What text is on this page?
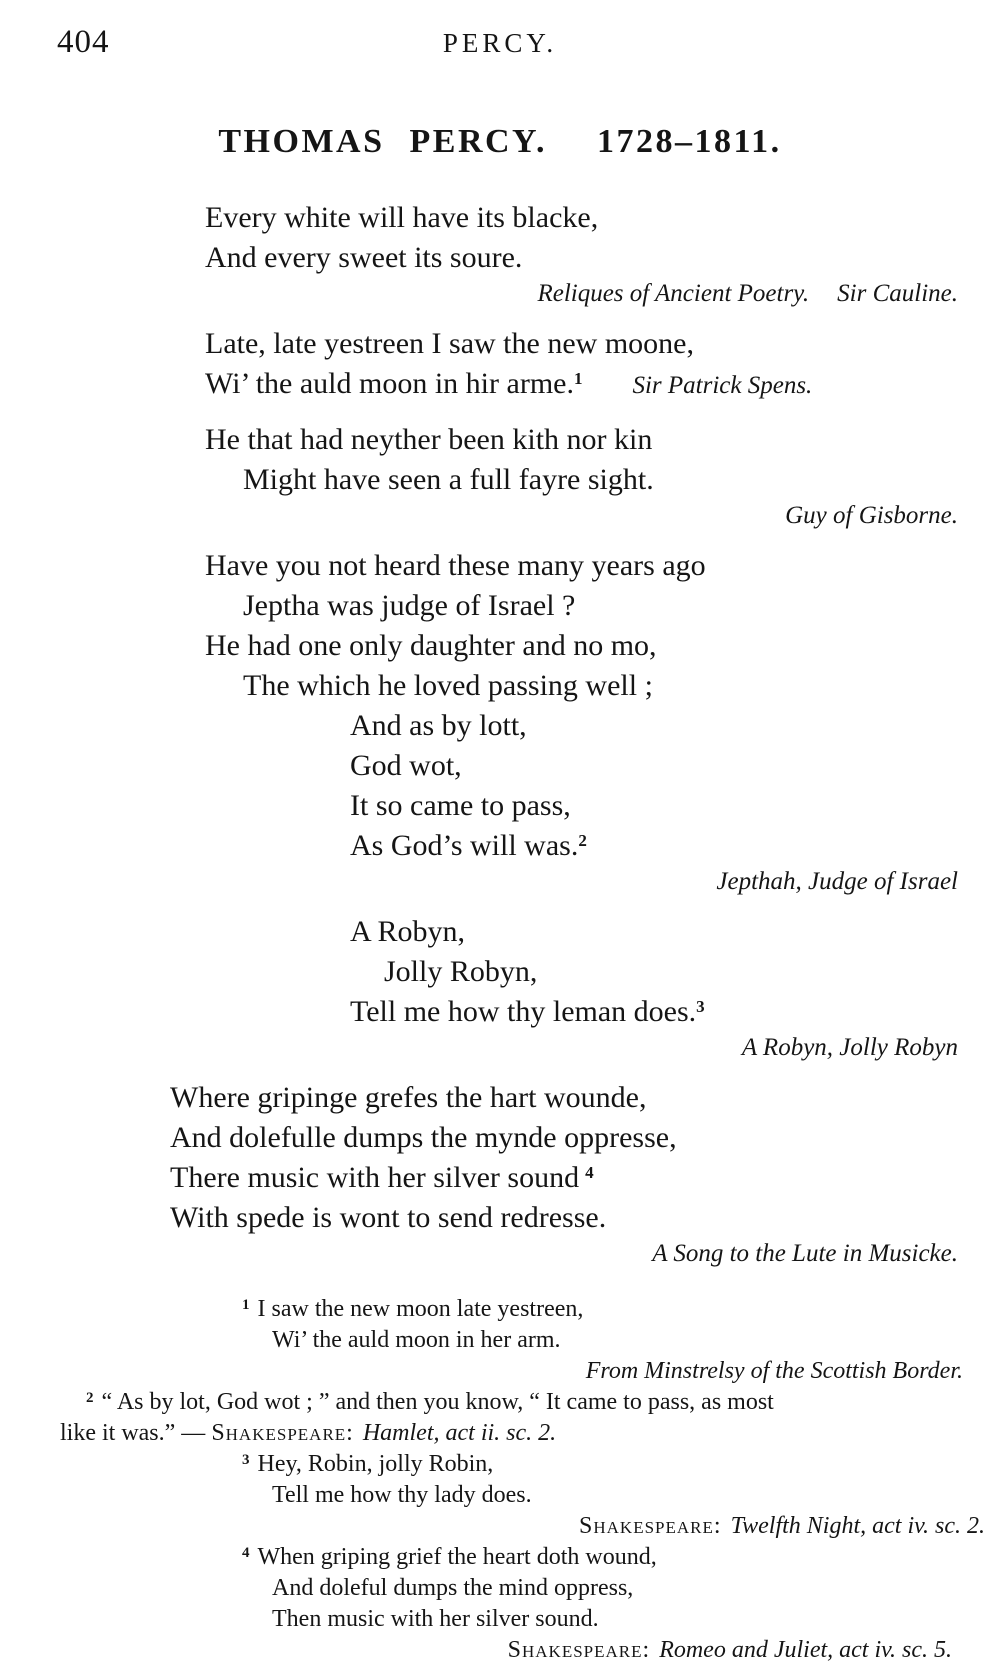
404	PERCY.
THOMAS PERCY.  1728–1811.
Every white will have its blacke,
And every sweet its soure.
Reliques of Ancient Poetry. Sir Cauline.
Late, late yestreen I saw the new moone,
Wi’ the auld moon in hir arme.$^1$ Sir Patrick Spens.
He that had neyther been kith nor kin
Might have seen a full fayre sight.
Guy of Gisborne.
Have you not heard these many years ago
Jeptha was judge of Israel ?
He had one only daughter and no mo,
The which he loved passing well ;
And as by lott,
God wot,
It so came to pass,
As God’s will was.$^2$
Jepthah, Judge of Israel
A Robyn,
Jolly Robyn,
Tell me how thy leman does.$^3$
A Robyn, Jolly Robyn
Where gripinge grefes the hart wounde,
And dolefulle dumps the mynde oppresse,
There music with her silver sound $^4$
With spede is wont to send redresse.
A Song to the Lute in Musicke.
$^1$ I saw the new moon late yestreen,
Wi’ the auld moon in her arm.
From Minstrelsy of the Scottish Border.
$^2$ “ As by lot, God wot ; ” and then you know, “ It came to pass, as most
like it was.” — Shakespeare: Hamlet, act ii. sc. 2.
$^3$ Hey, Robin, jolly Robin,
Tell me how thy lady does.
Shakespeare: Twelfth Night, act iv. sc. 2.
$^4$ When griping grief the heart doth wound,
And doleful dumps the mind oppress,
Then music with her silver sound.
Shakespeare: Romeo and Juliet, act iv. sc. 5.
